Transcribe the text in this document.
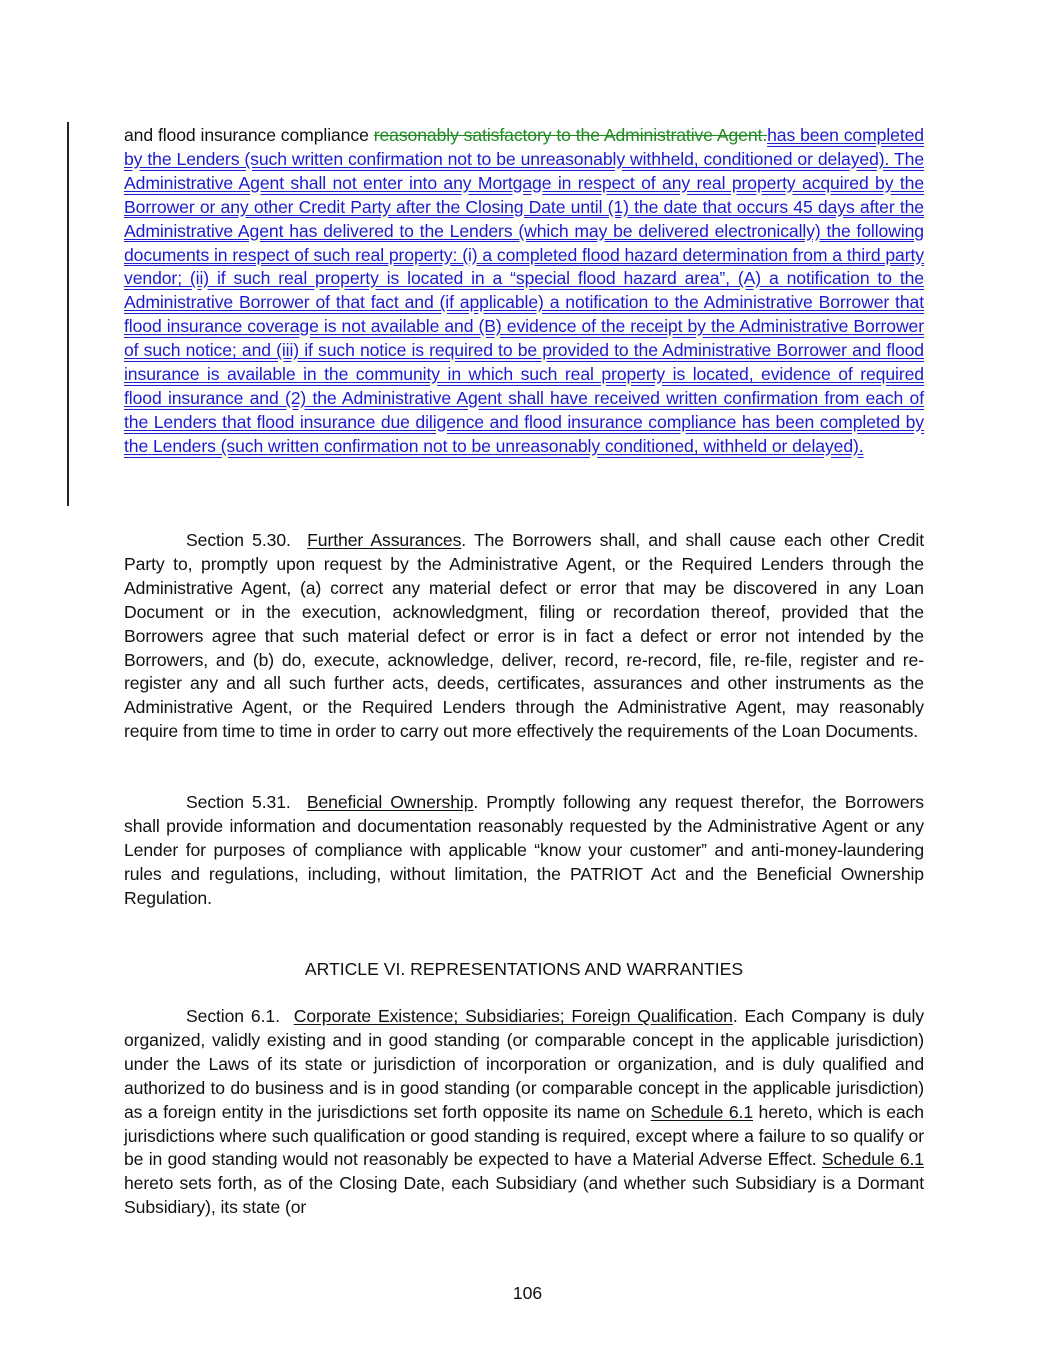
and flood insurance compliance reasonably satisfactory to the Administrative Agent.has been completed by the Lenders (such written confirmation not to be unreasonably withheld, conditioned or delayed). The Administrative Agent shall not enter into any Mortgage in respect of any real property acquired by the Borrower or any other Credit Party after the Closing Date until (1) the date that occurs 45 days after the Administrative Agent has delivered to the Lenders (which may be delivered electronically) the following documents in respect of such real property: (i) a completed flood hazard determination from a third party vendor; (ii) if such real property is located in a “special flood hazard area”, (A) a notification to the Administrative Borrower of that fact and (if applicable) a notification to the Administrative Borrower that flood insurance coverage is not available and (B) evidence of the receipt by the Administrative Borrower of such notice; and (iii) if such notice is required to be provided to the Administrative Borrower and flood insurance is available in the community in which such real property is located, evidence of required flood insurance and (2) the Administrative Agent shall have received written confirmation from each of the Lenders that flood insurance due diligence and flood insurance compliance has been completed by the Lenders (such written confirmation not to be unreasonably conditioned, withheld or delayed).

Section 5.30. Further Assurances. The Borrowers shall, and shall cause each other Credit Party to, promptly upon request by the Administrative Agent, or the Required Lenders through the Administrative Agent, (a) correct any material defect or error that may be discovered in any Loan Document or in the execution, acknowledgment, filing or recordation thereof, provided that the Borrowers agree that such material defect or error is in fact a defect or error not intended by the Borrowers, and (b) do, execute, acknowledge, deliver, record, re-record, file, re-file, register and re-register any and all such further acts, deeds, certificates, assurances and other instruments as the Administrative Agent, or the Required Lenders through the Administrative Agent, may reasonably require from time to time in order to carry out more effectively the requirements of the Loan Documents.

Section 5.31. Beneficial Ownership. Promptly following any request therefor, the Borrowers shall provide information and documentation reasonably requested by the Administrative Agent or any Lender for purposes of compliance with applicable “know your customer” and anti-money-laundering rules and regulations, including, without limitation, the PATRIOT Act and the Beneficial Ownership Regulation.

ARTICLE VI. REPRESENTATIONS AND WARRANTIES

Section 6.1. Corporate Existence; Subsidiaries; Foreign Qualification. Each Company is duly organized, validly existing and in good standing (or comparable concept in the applicable jurisdiction) under the Laws of its state or jurisdiction of incorporation or organization, and is duly qualified and authorized to do business and is in good standing (or comparable concept in the applicable jurisdiction) as a foreign entity in the jurisdictions set forth opposite its name on Schedule 6.1 hereto, which is each jurisdictions where such qualification or good standing is required, except where a failure to so qualify or be in good standing would not reasonably be expected to have a Material Adverse Effect. Schedule 6.1 hereto sets forth, as of the Closing Date, each Subsidiary (and whether such Subsidiary is a Dormant Subsidiary), its state (or

106
